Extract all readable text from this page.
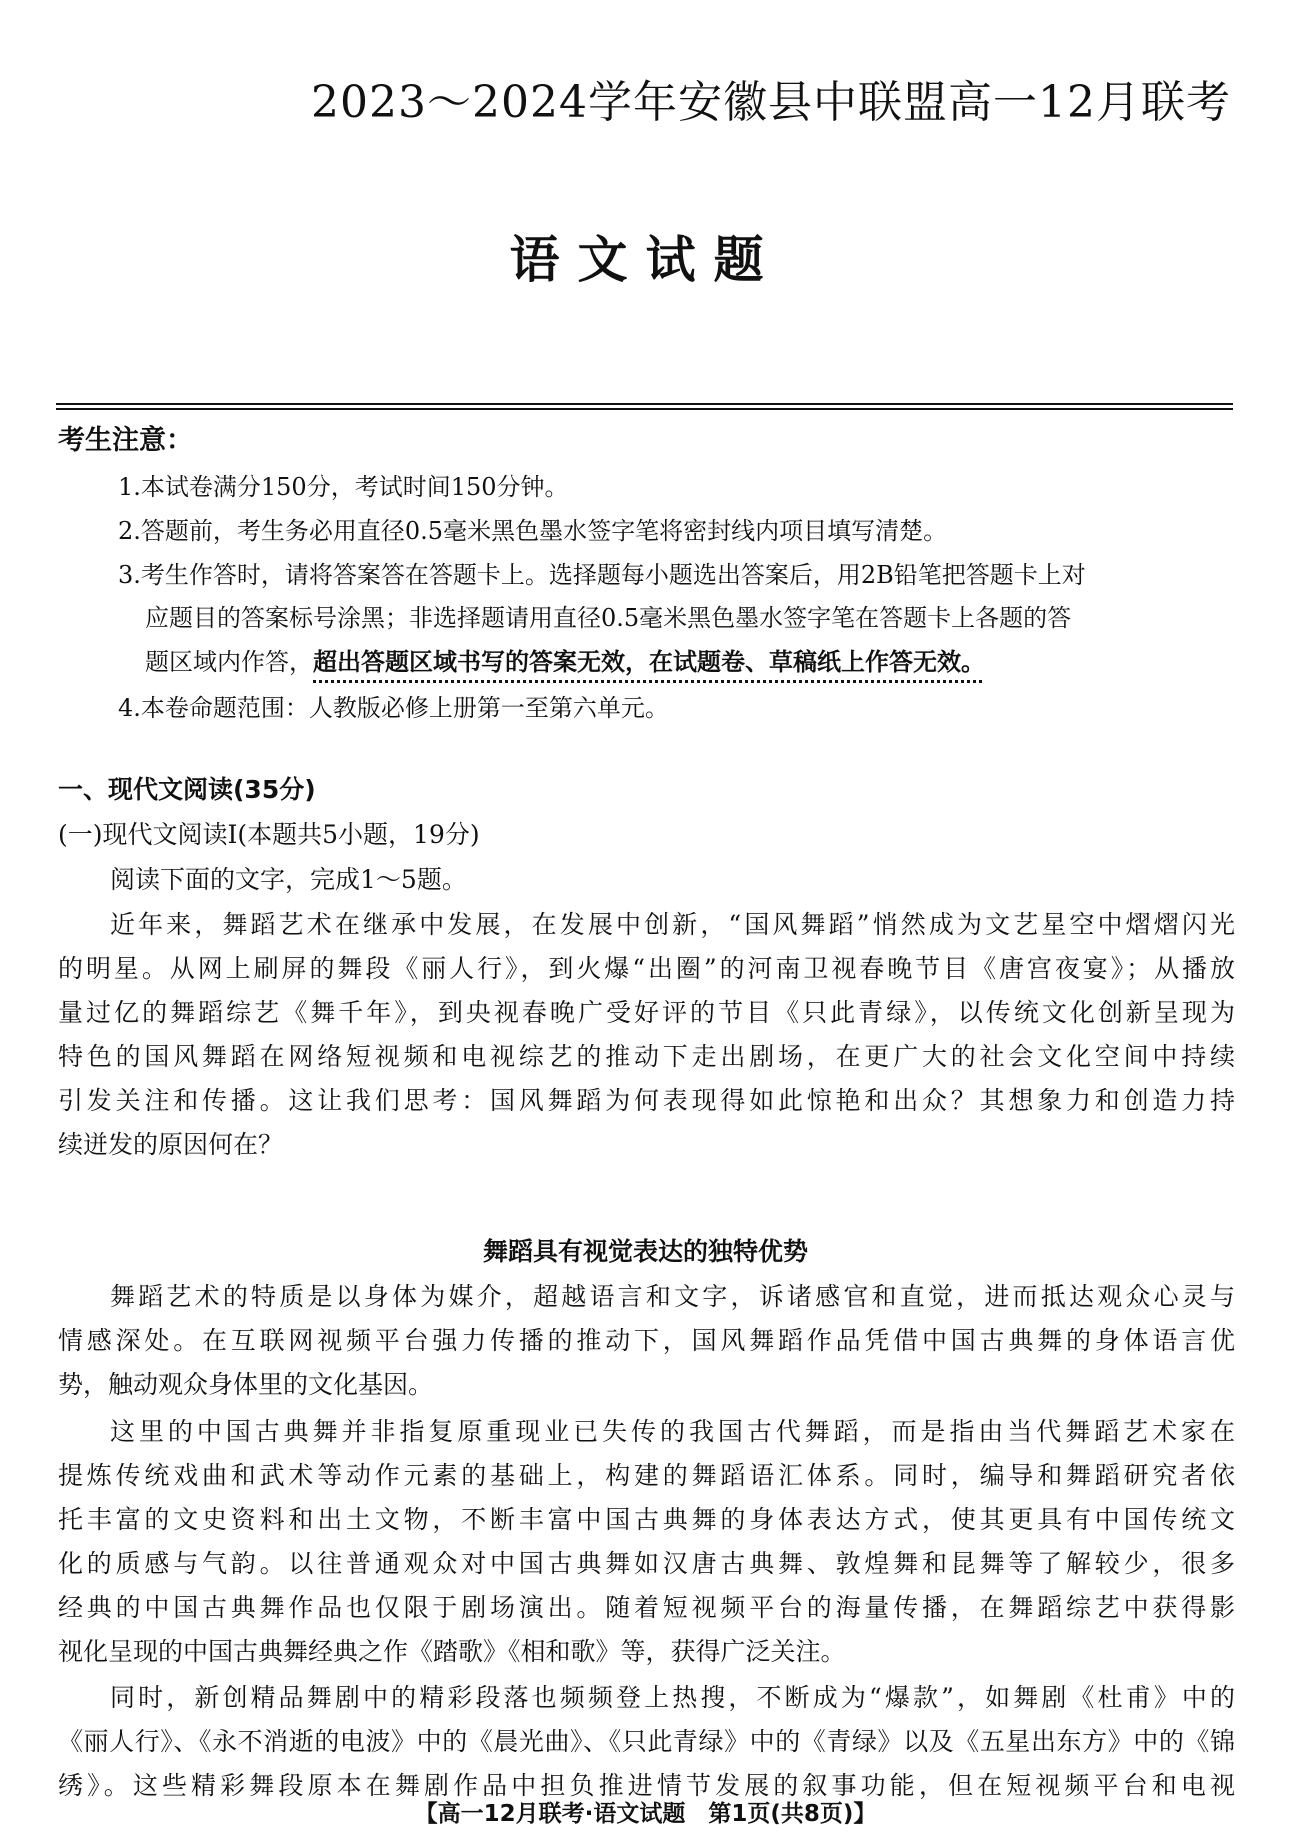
2023～2024学年安徽县中联盟高一12月联考
语文试题
考生注意：
1.本试卷满分150分，考试时间150分钟。
2.答题前，考生务必用直径0.5毫米黑色墨水签字笔将密封线内项目填写清楚。
3.考生作答时，请将答案答在答题卡上。选择题每小题选出答案后，用2B铅笔把答题卡上对
应题目的答案标号涂黑；非选择题请用直径0.5毫米黑色墨水签字笔在答题卡上各题的答
题区域内作答，超出答题区域书写的答案无效，在试题卷、草稿纸上作答无效。
4.本卷命题范围：人教版必修上册第一至第六单元。
一、现代文阅读(35分)
(一)现代文阅读Ⅰ(本题共5小题，19分)
阅读下面的文字，完成1～5题。
近年来，舞蹈艺术在继承中发展，在发展中创新，“国风舞蹈”悄然成为文艺星空中熠熠闪光
的明星。从网上刷屏的舞段《丽人行》，到火爆“出圈”的河南卫视春晚节目《唐宫夜宴》；从播放
量过亿的舞蹈综艺《舞千年》，到央视春晚广受好评的节目《只此青绿》，以传统文化创新呈现为
特色的国风舞蹈在网络短视频和电视综艺的推动下走出剧场，在更广大的社会文化空间中持续
引发关注和传播。这让我们思考：国风舞蹈为何表现得如此惊艳和出众？其想象力和创造力持
续迸发的原因何在？
舞蹈具有视觉表达的独特优势
舞蹈艺术的特质是以身体为媒介，超越语言和文字，诉诸感官和直觉，进而抵达观众心灵与
情感深处。在互联网视频平台强力传播的推动下，国风舞蹈作品凭借中国古典舞的身体语言优
势，触动观众身体里的文化基因。
这里的中国古典舞并非指复原重现业已失传的我国古代舞蹈，而是指由当代舞蹈艺术家在
提炼传统戏曲和武术等动作元素的基础上，构建的舞蹈语汇体系。同时，编导和舞蹈研究者依
托丰富的文史资料和出土文物，不断丰富中国古典舞的身体表达方式，使其更具有中国传统文
化的质感与气韵。以往普通观众对中国古典舞如汉唐古典舞、敦煌舞和昆舞等了解较少，很多
经典的中国古典舞作品也仅限于剧场演出。随着短视频平台的海量传播，在舞蹈综艺中获得影
视化呈现的中国古典舞经典之作《踏歌》《相和歌》等，获得广泛关注。
同时，新创精品舞剧中的精彩段落也频频登上热搜，不断成为“爆款”，如舞剧《杜甫》中的
《丽人行》、《永不消逝的电波》中的《晨光曲》、《只此青绿》中的《青绿》以及《五星出东方》中的《锦
绣》。这些精彩舞段原本在舞剧作品中担负推进情节发展的叙事功能，但在短视频平台和电视
【高一12月联考·语文试题　第1页(共8页)】
